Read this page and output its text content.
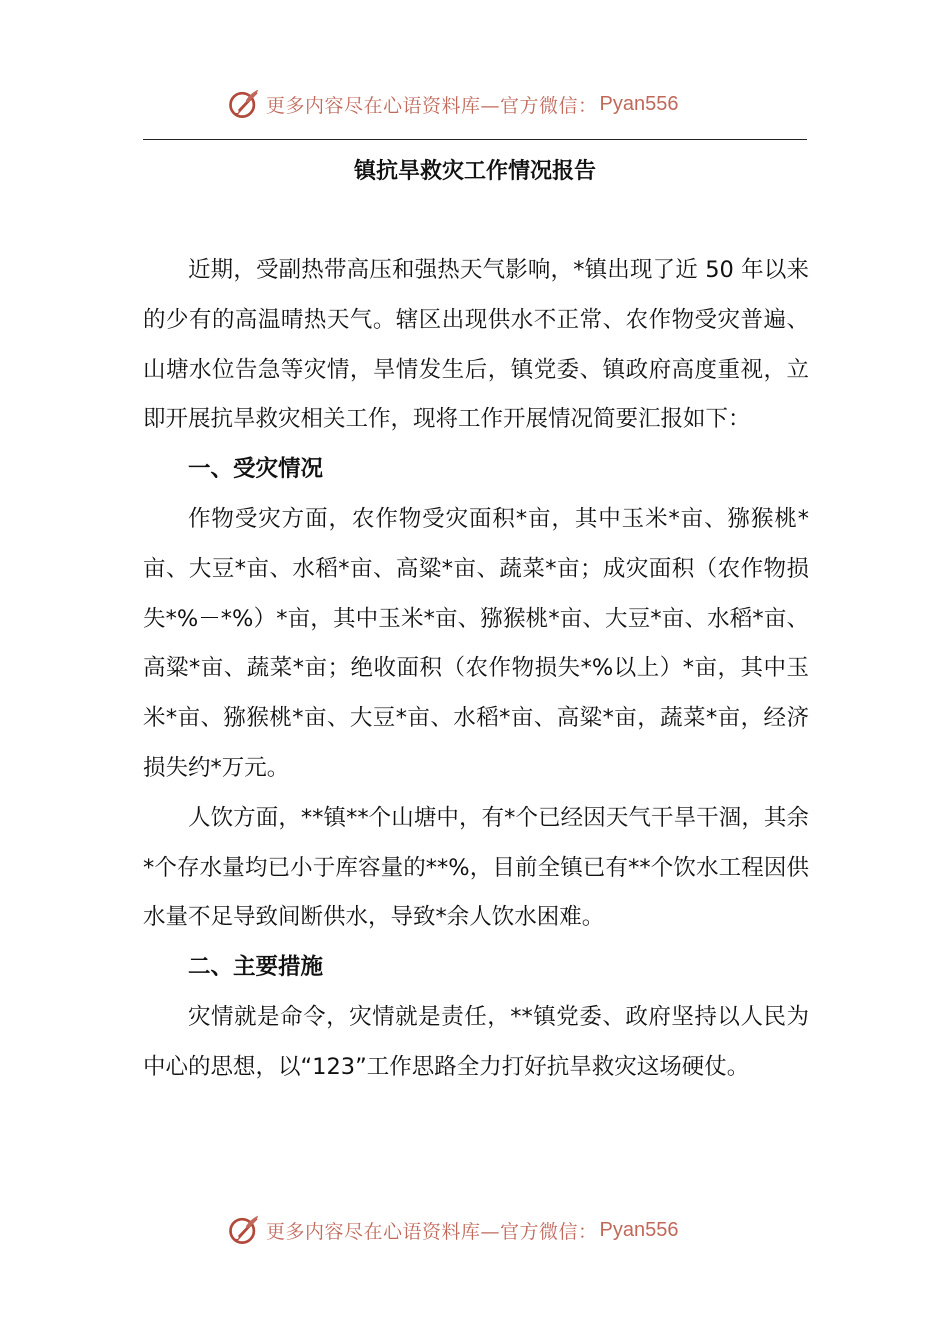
更多内容尽在心语资料库—官方微信： Pyan556
镇抗旱救灾工作情况报告

近期，受副热带高压和强热天气影响，*镇出现了近 50 年以来的少有的高温晴热天气。辖区出现供水不正常、农作物受灾普遍、山塘水位告急等灾情，旱情发生后，镇党委、镇政府高度重视，立即开展抗旱救灾相关工作，现将工作开展情况简要汇报如下：

一、受灾情况

作物受灾方面，农作物受灾面积*亩，其中玉米*亩、猕猴桃*亩、大豆*亩、水稻*亩、高粱*亩、蔬菜*亩；成灾面积（农作物损失*%－*%）*亩，其中玉米*亩、猕猴桃*亩、大豆*亩、水稻*亩、高粱*亩、蔬菜*亩；绝收面积（农作物损失*%以上）*亩，其中玉米*亩、猕猴桃*亩、大豆*亩、水稻*亩、高粱*亩，蔬菜*亩，经济损失约*万元。

人饮方面，**镇**个山塘中，有*个已经因天气干旱干涸，其余*个存水量均已小于库容量的**%，目前全镇已有**个饮水工程因供水量不足导致间断供水，导致*余人饮水困难。

二、主要措施

灾情就是命令，灾情就是责任，**镇党委、政府坚持以人民为中心的思想，以“123”工作思路全力打好抗旱救灾这场硬仗。

更多内容尽在心语资料库—官方微信： Pyan556
